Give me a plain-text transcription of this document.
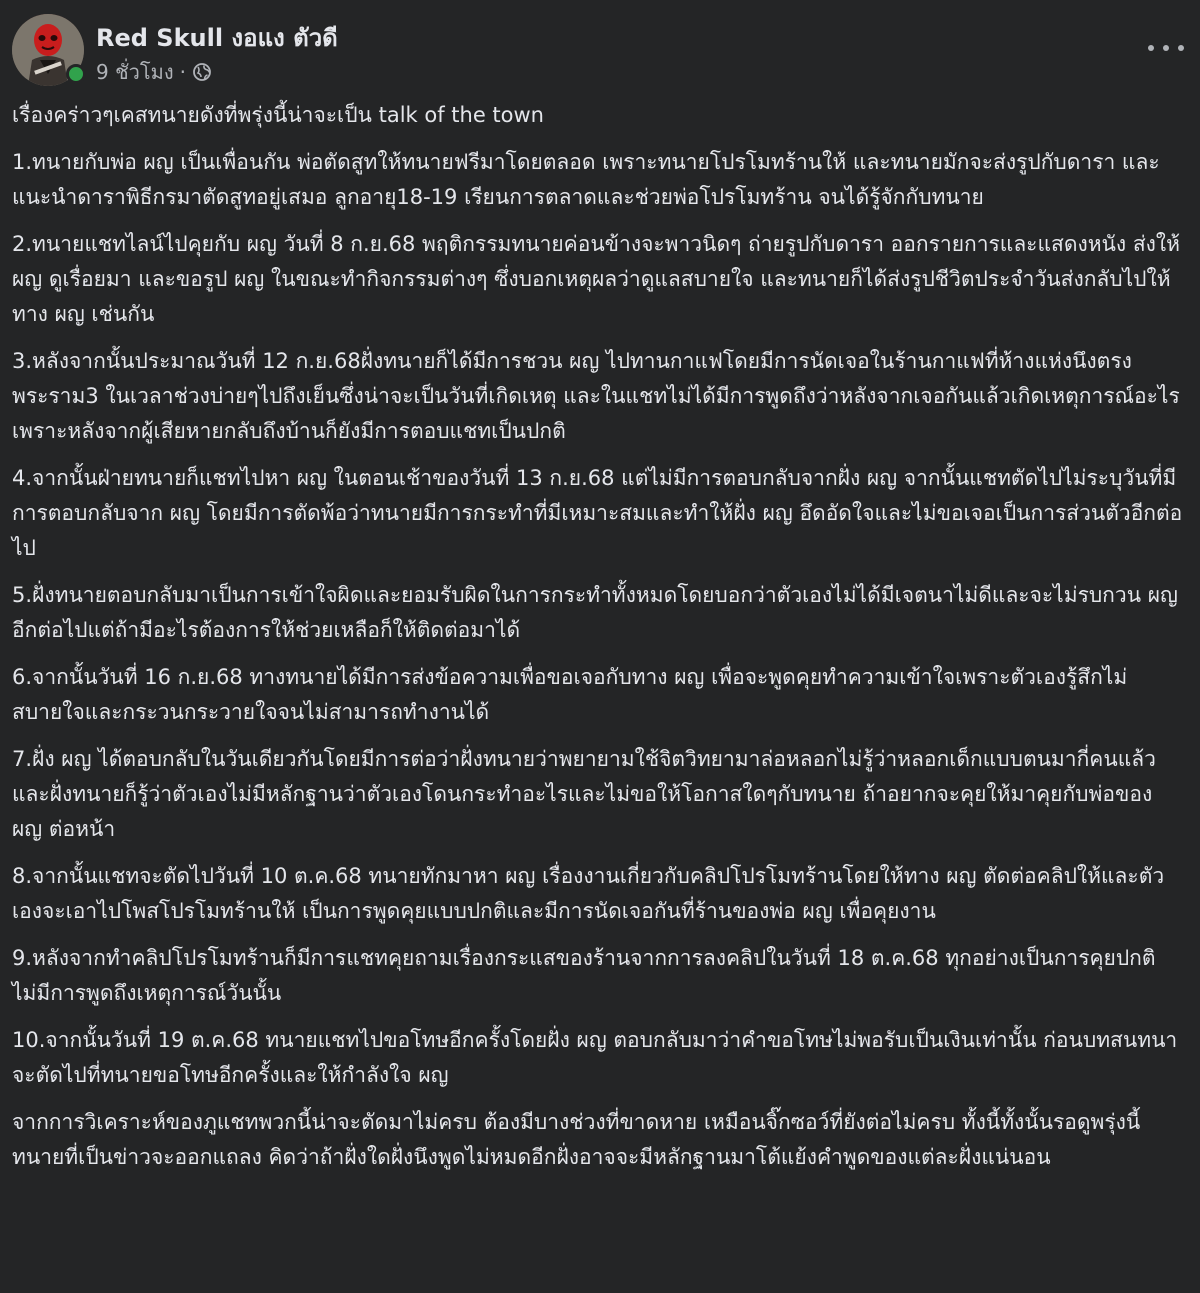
Red Skull งอแง ตัวดี
9 ชั่วโมง ·

เรื่องคร่าวๆเคสทนายดังที่พรุ่งนี้น่าจะเป็น talk of the town

1.ทนายกับพ่อ ผญ เป็นเพื่อนกัน พ่อตัดสูทให้ทนายฟรีมาโดยตลอด เพราะทนายโปรโมทร้านให้ และทนายมักจะส่งรูปกับดารา และแนะนำดาราพิธีกรมาตัดสูทอยู่เสมอ ลูกอายุ18-19 เรียนการตลาดและช่วยพ่อโปรโมทร้าน จนได้รู้จักกับทนาย

2.ทนายแชทไลน์ไปคุยกับ ผญ วันที่ 8 ก.ย.68 พฤติกรรมทนายค่อนข้างจะพาวนิดๆ ถ่ายรูปกับดารา ออกรายการและแสดงหนัง ส่งให้ ผญ ดูเรื่อยมา และขอรูป ผญ ในขณะทำกิจกรรมต่างๆ ซึ่งบอกเหตุผลว่าดูแลสบายใจ และทนายก็ได้ส่งรูปชีวิตประจำวันส่งกลับไปให้ทาง ผญ เช่นกัน

3.หลังจากนั้นประมาณวันที่ 12 ก.ย.68ฝั่งทนายก็ได้มีการชวน ผญ ไปทานกาแฟโดยมีการนัดเจอในร้านกาแฟที่ห้างแห่งนึงตรงพระราม3 ในเวลาช่วงบ่ายๆไปถึงเย็นซึ่งน่าจะเป็นวันที่เกิดเหตุ และในแชทไม่ได้มีการพูดถึงว่าหลังจากเจอกันแล้วเกิดเหตุการณ์อะไร เพราะหลังจากผู้เสียหายกลับถึงบ้านก็ยังมีการตอบแชทเป็นปกติ

4.จากนั้นฝ่ายทนายก็แชทไปหา ผญ ในตอนเช้าของวันที่ 13 ก.ย.68 แต่ไม่มีการตอบกลับจากฝั่ง ผญ จากนั้นแชทตัดไปไม่ระบุวันที่มีการตอบกลับจาก ผญ โดยมีการตัดพ้อว่าทนายมีการกระทำที่มีเหมาะสมและทำให้ฝั่ง ผญ อึดอัดใจและไม่ขอเจอเป็นการส่วนตัวอีกต่อไป

5.ฝั่งทนายตอบกลับมาเป็นการเข้าใจผิดและยอมรับผิดในการกระทำทั้งหมดโดยบอกว่าตัวเองไม่ได้มีเจตนาไม่ดีและจะไม่รบกวน ผญ อีกต่อไปแต่ถ้ามีอะไรต้องการให้ช่วยเหลือก็ให้ติดต่อมาได้

6.จากนั้นวันที่ 16 ก.ย.68 ทางทนายได้มีการส่งข้อความเพื่อขอเจอกับทาง ผญ เพื่อจะพูดคุยทำความเข้าใจเพราะตัวเองรู้สึกไม่สบายใจและกระวนกระวายใจจนไม่สามารถทำงานได้

7.ฝั่ง ผญ ได้ตอบกลับในวันเดียวกันโดยมีการต่อว่าฝั่งทนายว่าพยายามใช้จิตวิทยามาล่อหลอกไม่รู้ว่าหลอกเด็กแบบตนมากี่คนแล้วและฝั่งทนายก็รู้ว่าตัวเองไม่มีหลักฐานว่าตัวเองโดนกระทำอะไรและไม่ขอให้โอกาสใดๆกับทนาย ถ้าอยากจะคุยให้มาคุยกับพ่อของ ผญ ต่อหน้า

8.จากนั้นแชทจะตัดไปวันที่ 10 ต.ค.68 ทนายทักมาหา ผญ เรื่องงานเกี่ยวกับคลิปโปรโมทร้านโดยให้ทาง ผญ ตัดต่อคลิปให้และตัวเองจะเอาไปโพสโปรโมทร้านให้ เป็นการพูดคุยแบบปกติและมีการนัดเจอกันที่ร้านของพ่อ ผญ เพื่อคุยงาน

9.หลังจากทำคลิปโปรโมทร้านก็มีการแชทคุยถามเรื่องกระแสของร้านจากการลงคลิปในวันที่ 18 ต.ค.68 ทุกอย่างเป็นการคุยปกติไม่มีการพูดถึงเหตุการณ์วันนั้น

10.จากนั้นวันที่ 19 ต.ค.68 ทนายแชทไปขอโทษอีกครั้งโดยฝั่ง ผญ ตอบกลับมาว่าคำขอโทษไม่พอรับเป็นเงินเท่านั้น ก่อนบทสนทนาจะตัดไปที่ทนายขอโทษอีกครั้งและให้กำลังใจ ผญ

จากการวิเคราะห์ของภูแชทพวกนี้น่าจะตัดมาไม่ครบ ต้องมีบางช่วงที่ขาดหาย เหมือนจิ๊กซอว์ที่ยังต่อไม่ครบ ทั้งนี้ทั้งนั้นรอดูพรุ่งนี้ทนายที่เป็นข่าวจะออกแถลง คิดว่าถ้าฝั่งใดฝั่งนึงพูดไม่หมดอีกฝั่งอาจจะมีหลักฐานมาโต้แย้งคำพูดของแต่ละฝั่งแน่นอน
